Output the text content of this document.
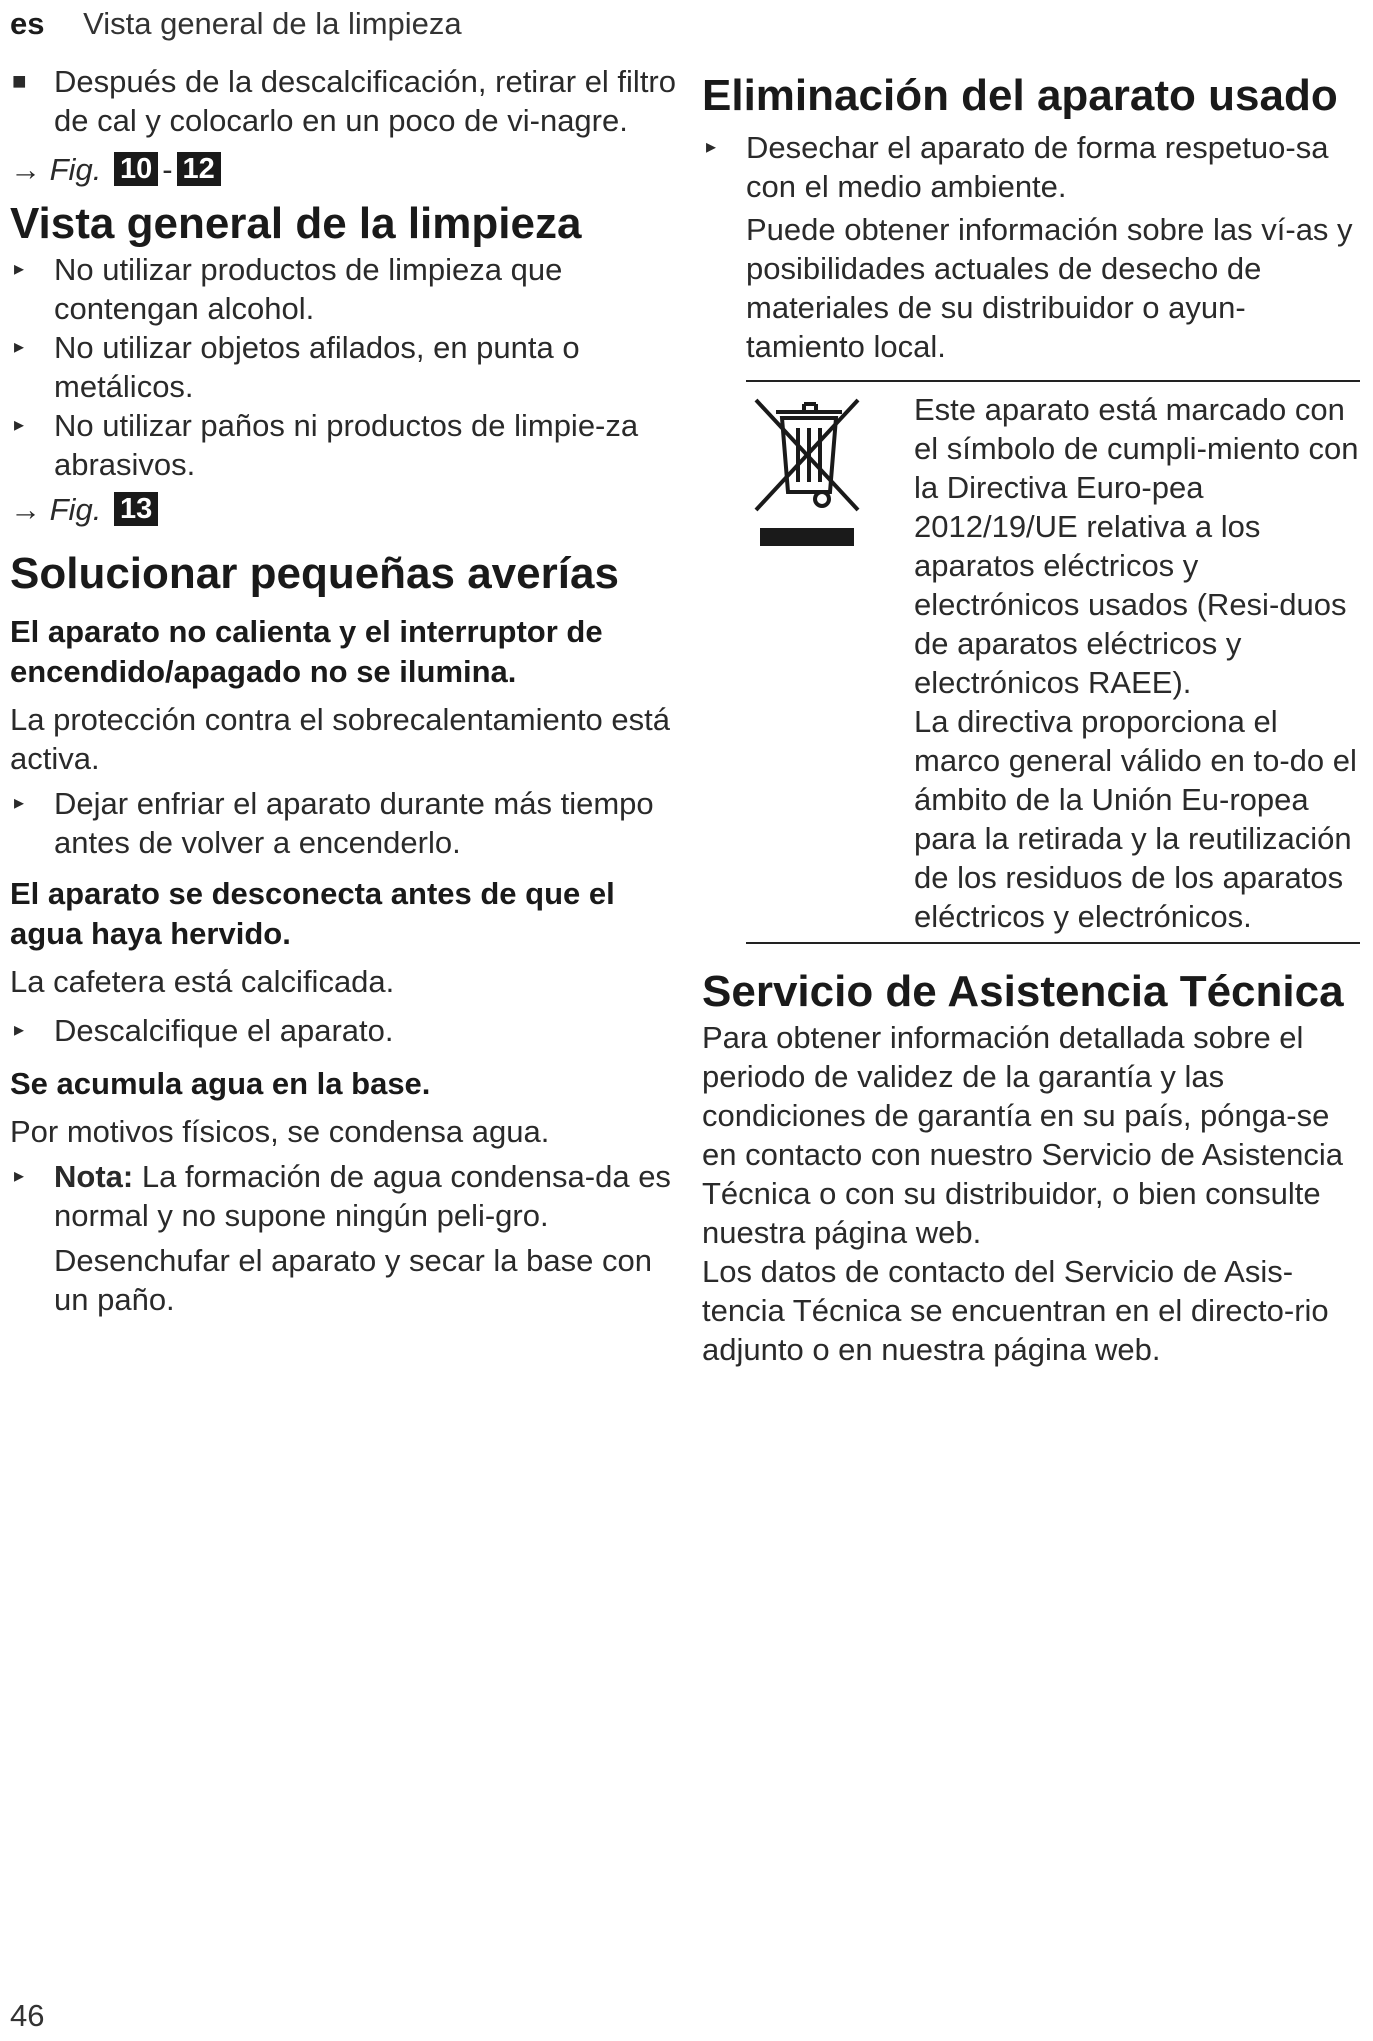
es Vista general de la limpieza
■ Después de la descalcificación, retirar el filtro de cal y colocarlo en un poco de vi-nagre.
→ Fig. 10 - 12
Vista general de la limpieza
▸ No utilizar productos de limpieza que contengan alcohol.
▸ No utilizar objetos afilados, en punta o metálicos.
▸ No utilizar paños ni productos de limpie-za abrasivos.
→ Fig. 13
Solucionar pequeñas averías
El aparato no calienta y el interruptor de encendido/apagado no se ilumina.

La protección contra el sobrecalentamiento está activa.

▸ Dejar enfriar el aparato durante más tiempo antes de volver a encenderlo.
El aparato se desconecta antes de que el agua haya hervido.

La cafetera está calcificada.

▸ Descalcifique el aparato.
Se acumula agua en la base.

Por motivos físicos, se condensa agua.

▸ Nota: La formación de agua condensa-da es normal y no supone ningún peli-gro.

Desenchufar el aparato y secar la base con un paño.

Eliminación del aparato usado
▸ Desechar el aparato de forma respetuo-sa con el medio ambiente.

Puede obtener información sobre las ví-as y posibilidades actuales de desecho de materiales de su distribuidor o ayun-tamiento local.

Este aparato está marcado con el símbolo de cumpli-miento con la Directiva Euro-pea 2012/19/UE relativa a los aparatos eléctricos y electrónicos usados (Resi-duos de aparatos eléctricos y electrónicos RAEE).

La directiva proporciona el marco general válido en to-do el ámbito de la Unión Eu-ropea para la retirada y la reutilización de los residuos de los aparatos eléctricos y electrónicos.

Servicio de Asistencia Técnica

Para obtener información detallada sobre el periodo de validez de la garantía y las condiciones de garantía en su país, pónga-se en contacto con nuestro Servicio de Asistencia Técnica o con su distribuidor, o bien consulte nuestra página web.

Los datos de contacto del Servicio de Asis-tencia Técnica se encuentran en el directo-rio adjunto o en nuestra página web.

46
